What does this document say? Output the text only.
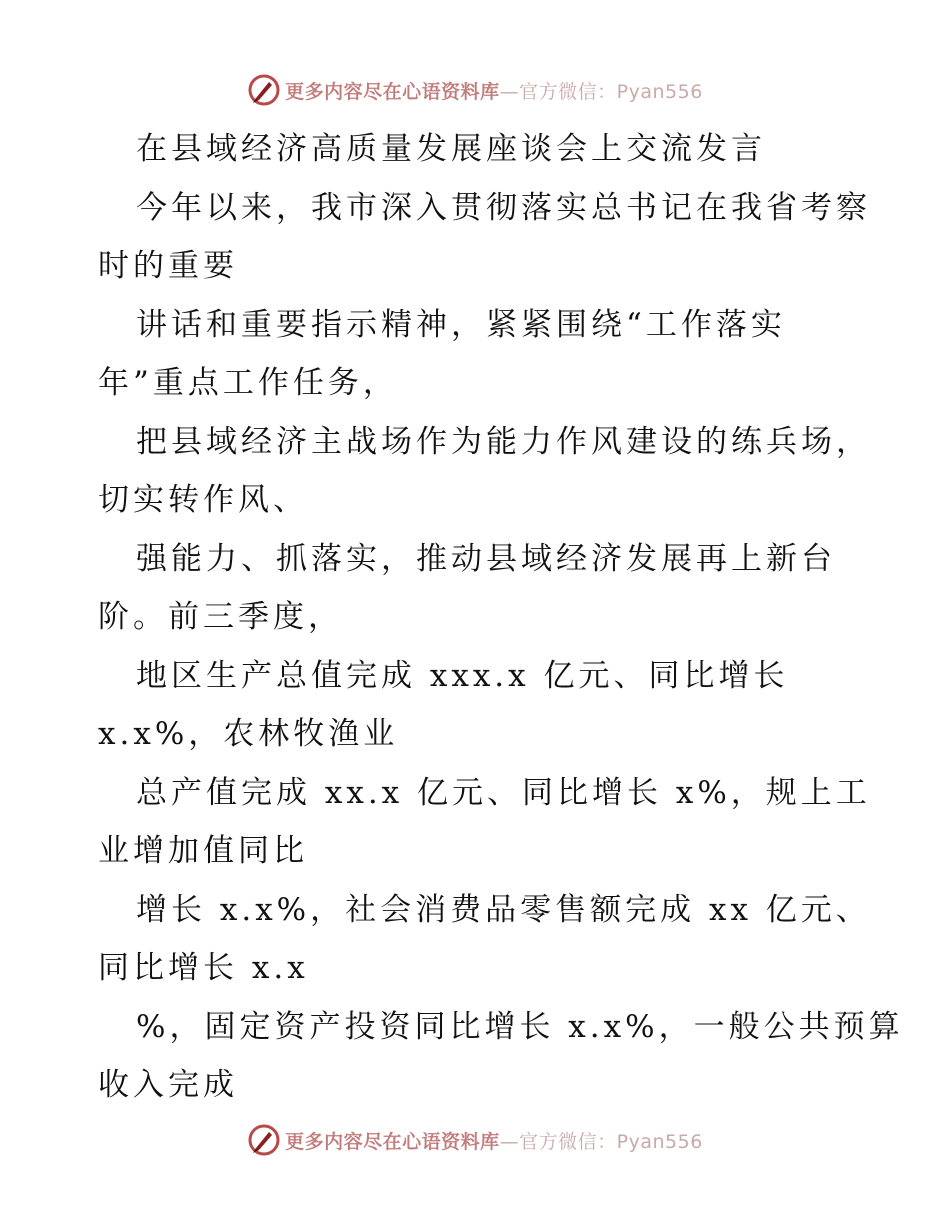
更多内容尽在心语资料库—官方微信：Pyan556
在县域经济高质量发展座谈会上交流发言
今年以来，我市深入贯彻落实总书记在我省考察
时的重要
讲话和重要指示精神，紧紧围绕“工作落实
年”重点工作任务，
把县域经济主战场作为能力作风建设的练兵场，
切实转作风、
强能力、抓落实，推动县域经济发展再上新台
阶。前三季度，
地区生产总值完成 xxx.x 亿元、同比增长
x.x%，农林牧渔业
总产值完成 xx.x 亿元、同比增长 x%，规上工
业增加值同比
增长 x.x%，社会消费品零售额完成 xx 亿元、
同比增长 x.x
%，固定资产投资同比增长 x.x%，一般公共预算
收入完成
更多内容尽在心语资料库—官方微信：Pyan556
